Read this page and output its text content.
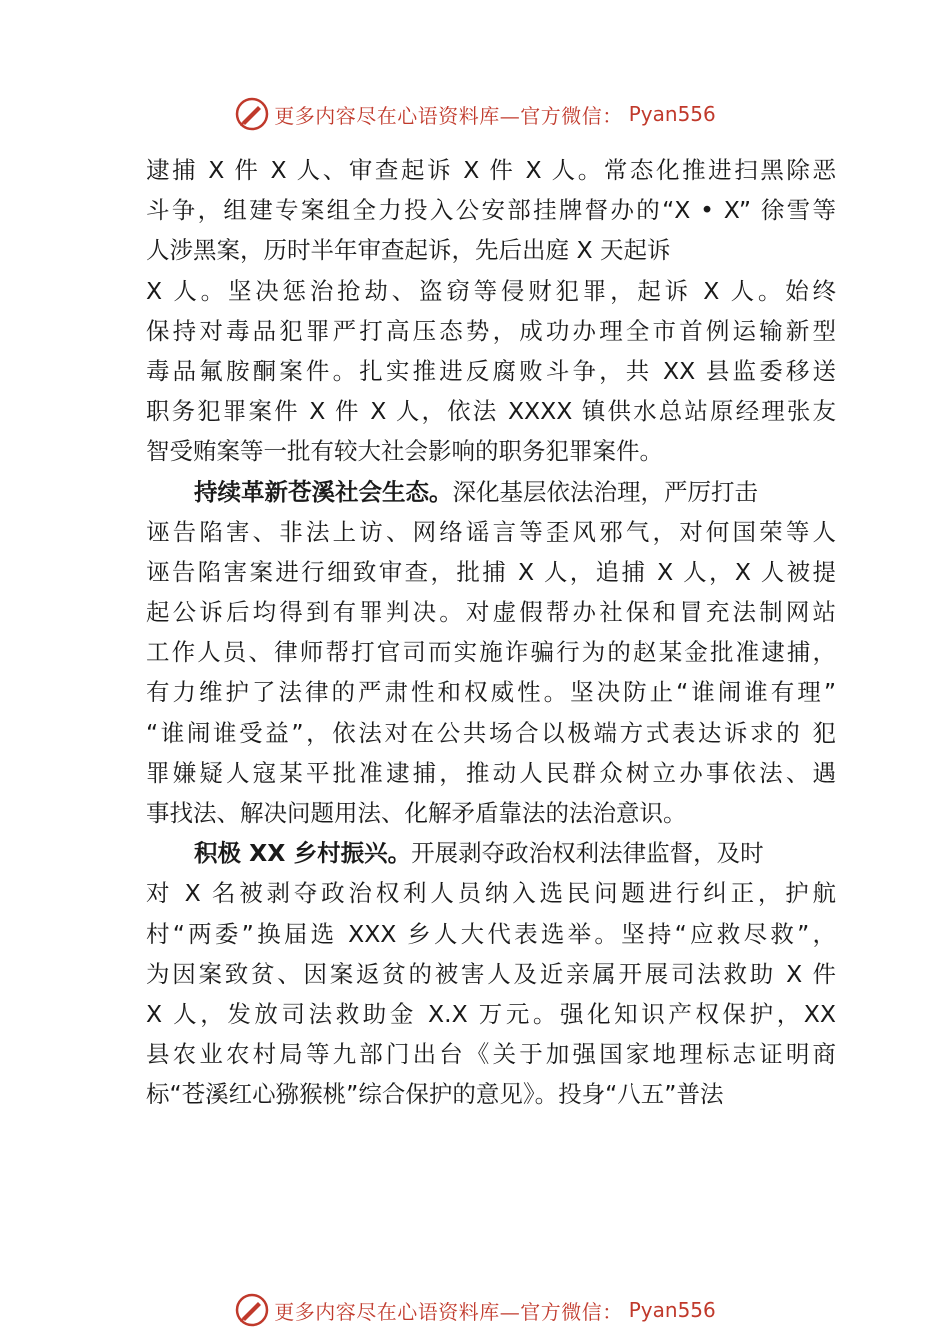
更多内容尽在心语资料库—官方微信： Pyan556
逮捕 X 件 X 人、审查起诉 X 件 X 人。常态化推进扫黑除恶
斗争，组建专案组全力投入公安部挂牌督办的“X • X” 徐雪等
人涉黑案，历时半年审查起诉，先后出庭 X 天起诉
X 人。坚决惩治抢劫、盗窃等侵财犯罪，起诉 X 人。始终
保持对毒品犯罪严打高压态势，成功办理全市首例运输新型
毒品氟胺酮案件。扎实推进反腐败斗争，共 XX 县监委移送
职务犯罪案件 X 件 X 人，依法 XXXX 镇供水总站原经理张友
智受贿案等一批有较大社会影响的职务犯罪案件。
持续革新苍溪社会生态。深化基层依法治理，严厉打击
诬告陷害、非法上访、网络谣言等歪风邪气，对何国荣等人
诬告陷害案进行细致审查，批捕 X 人，追捕 X 人，X 人被提
起公诉后均得到有罪判决。对虚假帮办社保和冒充法制网站
工作人员、律师帮打官司而实施诈骗行为的赵某金批准逮捕，
有力维护了法律的严肃性和权威性。坚决防止“谁闹谁有理”
“谁闹谁受益”，依法对在公共场合以极端方式表达诉求的 犯
罪嫌疑人寇某平批准逮捕，推动人民群众树立办事依法、遇
事找法、解决问题用法、化解矛盾靠法的法治意识。
积极 XX 乡村振兴。开展剥夺政治权利法律监督，及时
对 X 名被剥夺政治权利人员纳入选民问题进行纠正，护航
村“两委”换届选 XXX 乡人大代表选举。坚持“应救尽救”，
为因案致贫、因案返贫的被害人及近亲属开展司法救助 X 件
X 人，发放司法救助金 X.X 万元。强化知识产权保护，XX
县农业农村局等九部门出台《关于加强国家地理标志证明商
标“苍溪红心猕猴桃”综合保护的意见》。投身“八五”普法
更多内容尽在心语资料库—官方微信： Pyan556
